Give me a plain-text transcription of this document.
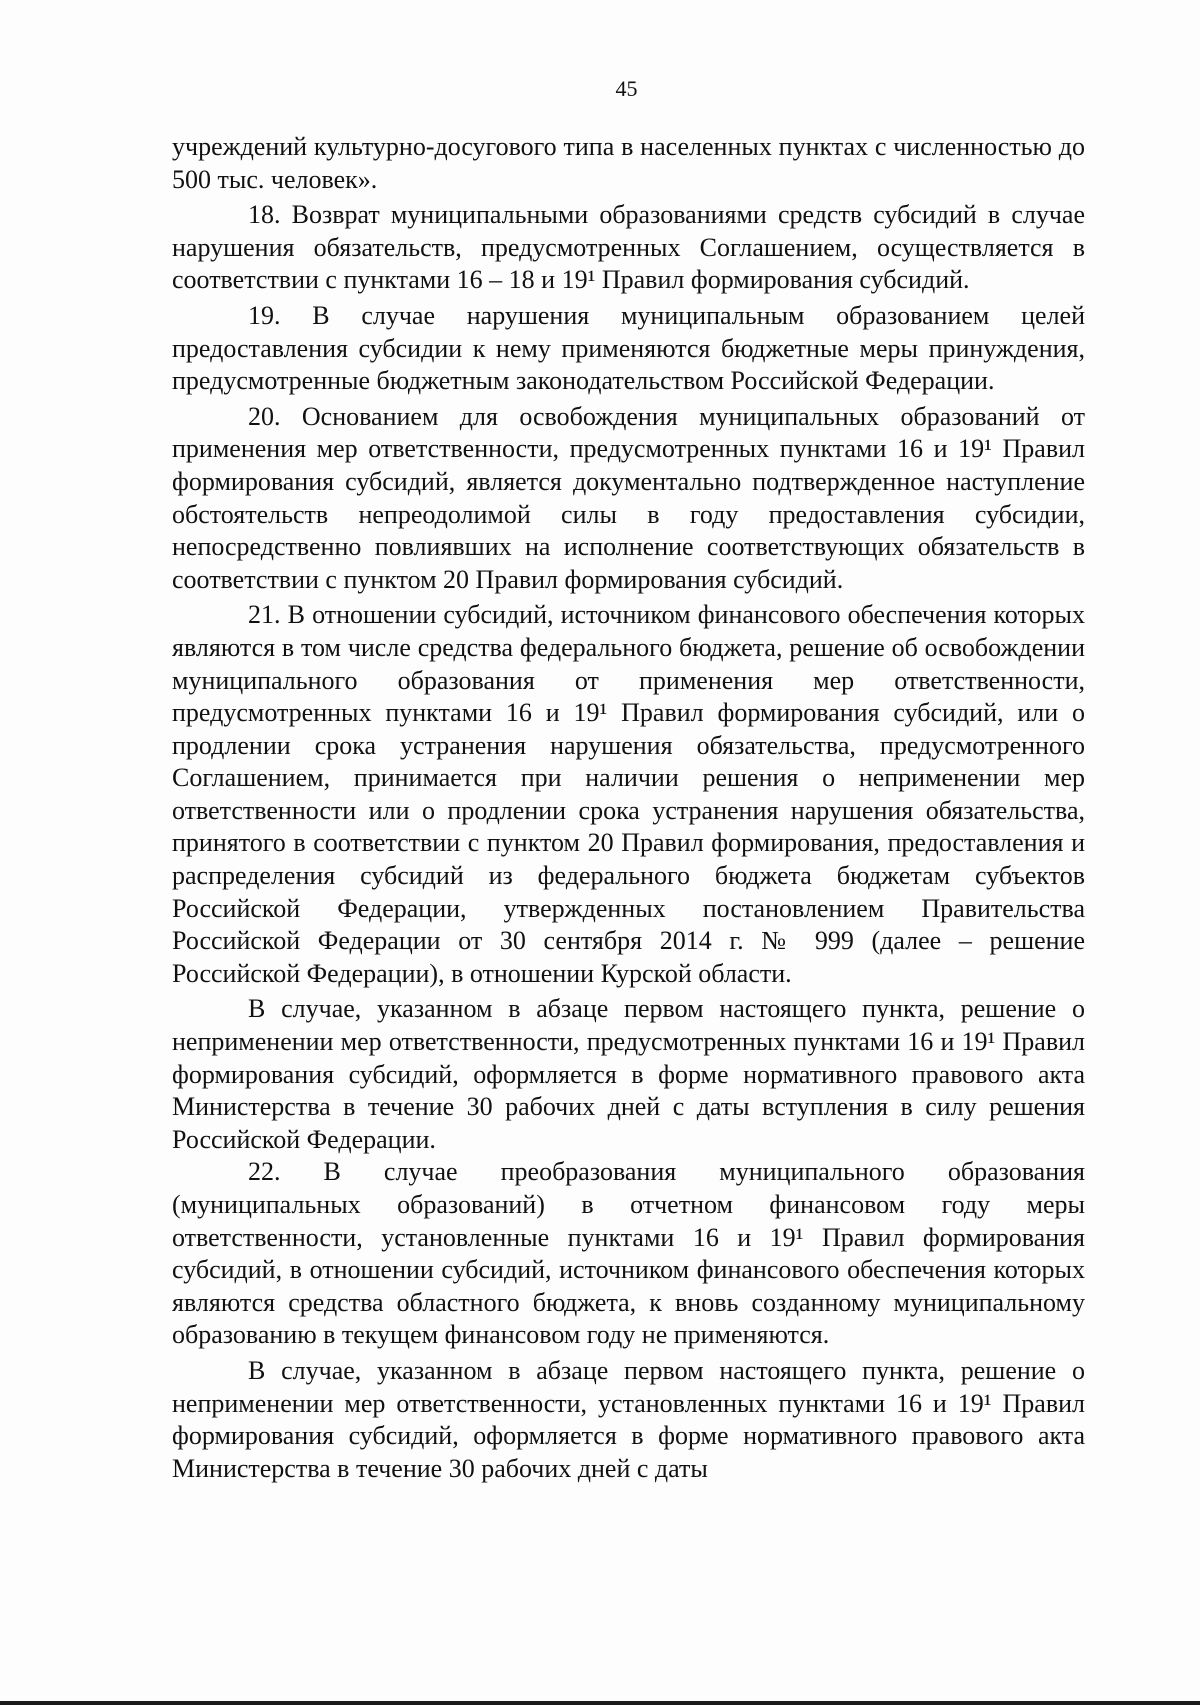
45

учреждений культурно-досугового типа в населенных пунктах с численностью до 500 тыс. человек».

18. Возврат муниципальными образованиями средств субсидий в случае нарушения обязательств, предусмотренных Соглашением, осуществляется в соответствии с пунктами 16 – 18 и 19¹ Правил формирования субсидий.

19. В случае нарушения муниципальным образованием целей предоставления субсидии к нему применяются бюджетные меры принуждения, предусмотренные бюджетным законодательством Российской Федерации.

20. Основанием для освобождения муниципальных образований от применения мер ответственности, предусмотренных пунктами 16 и 19¹ Правил формирования субсидий, является документально подтвержденное наступление обстоятельств непреодолимой силы в году предоставления субсидии, непосредственно повлиявших на исполнение соответствующих обязательств в соответствии с пунктом 20 Правил формирования субсидий.

21. В отношении субсидий, источником финансового обеспечения которых являются в том числе средства федерального бюджета, решение об освобождении муниципального образования от применения мер ответственности, предусмотренных пунктами 16 и 19¹ Правил формирования субсидий, или о продлении срока устранения нарушения обязательства, предусмотренного Соглашением, принимается при наличии решения о неприменении мер ответственности или о продлении срока устранения нарушения обязательства, принятого в соответствии с пунктом 20 Правил формирования, предоставления и распределения субсидий из федерального бюджета бюджетам субъектов Российской Федерации, утвержденных постановлением Правительства Российской Федерации от 30 сентября 2014 г. № 999 (далее – решение Российской Федерации), в отношении Курской области.

В случае, указанном в абзаце первом настоящего пункта, решение о неприменении мер ответственности, предусмотренных пунктами 16 и 19¹ Правил формирования субсидий, оформляется в форме нормативного правового акта Министерства в течение 30 рабочих дней с даты вступления в силу решения Российской Федерации.

22. В случае преобразования муниципального образования (муниципальных образований) в отчетном финансовом году меры ответственности, установленные пунктами 16 и 19¹ Правил формирования субсидий, в отношении субсидий, источником финансового обеспечения которых являются средства областного бюджета, к вновь созданному муниципальному образованию в текущем финансовом году не применяются.

В случае, указанном в абзаце первом настоящего пункта, решение о неприменении мер ответственности, установленных пунктами 16 и 19¹ Правил формирования субсидий, оформляется в форме нормативного правового акта Министерства в течение 30 рабочих дней с даты
